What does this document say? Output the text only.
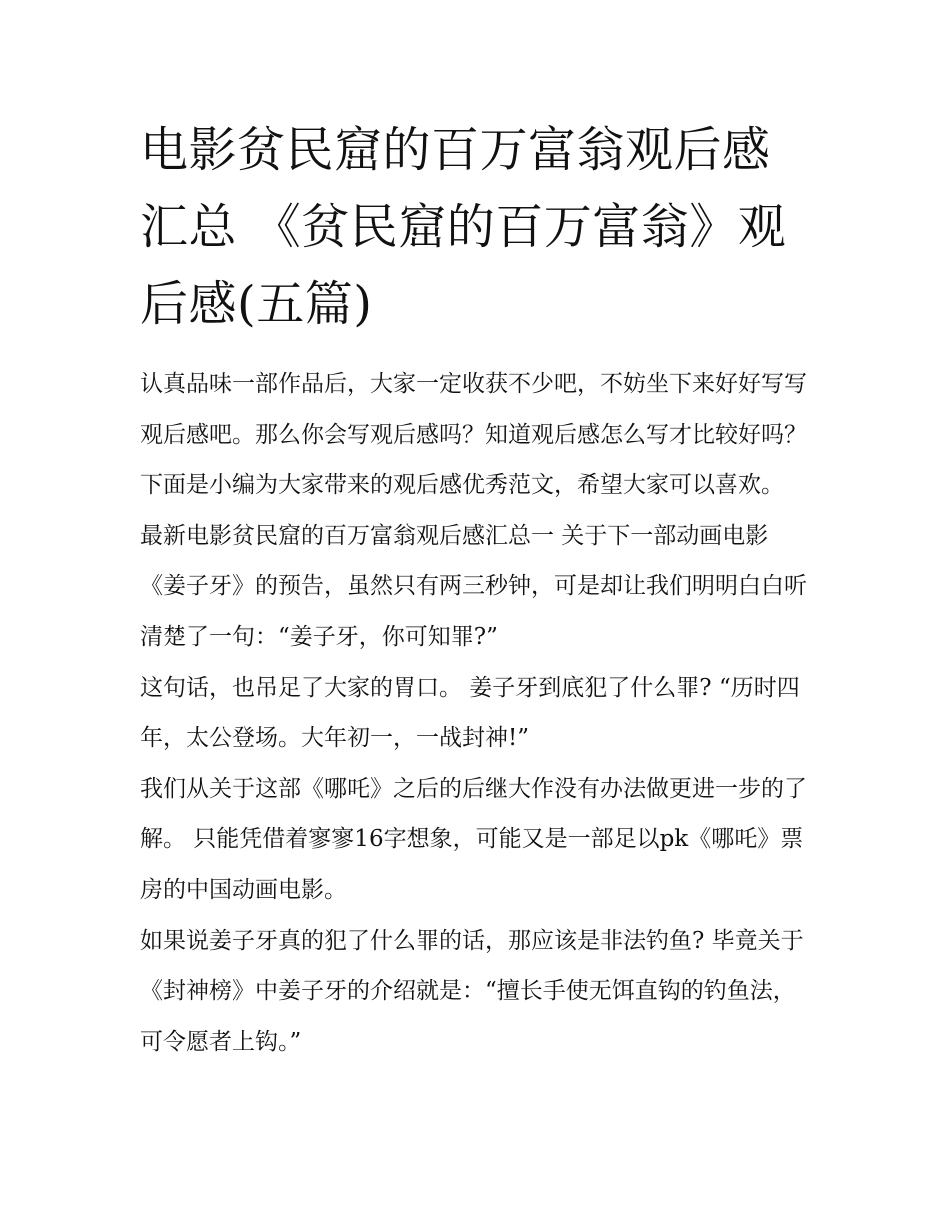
电影贫民窟的百万富翁观后感汇总 《贫民窟的百万富翁》观后感(五篇)

认真品味一部作品后，大家一定收获不少吧，不妨坐下来好好写写观后感吧。那么你会写观后感吗？知道观后感怎么写才比较好吗？下面是小编为大家带来的观后感优秀范文，希望大家可以喜欢。

最新电影贫民窟的百万富翁观后感汇总一 关于下一部动画电影《姜子牙》的预告，虽然只有两三秒钟，可是却让我们明明白白听清楚了一句：“姜子牙，你可知罪?”

这句话，也吊足了大家的胃口。 姜子牙到底犯了什么罪? “历时四年，太公登场。大年初一，一战封神!”

我们从关于这部《哪吒》之后的后继大作没有办法做更进一步的了解。 只能凭借着寥寥16字想象，可能又是一部足以pk《哪吒》票房的中国动画电影。

如果说姜子牙真的犯了什么罪的话，那应该是非法钓鱼? 毕竟关于《封神榜》中姜子牙的介绍就是：“擅长手使无饵直钩的钓鱼法，可令愿者上钩。”
